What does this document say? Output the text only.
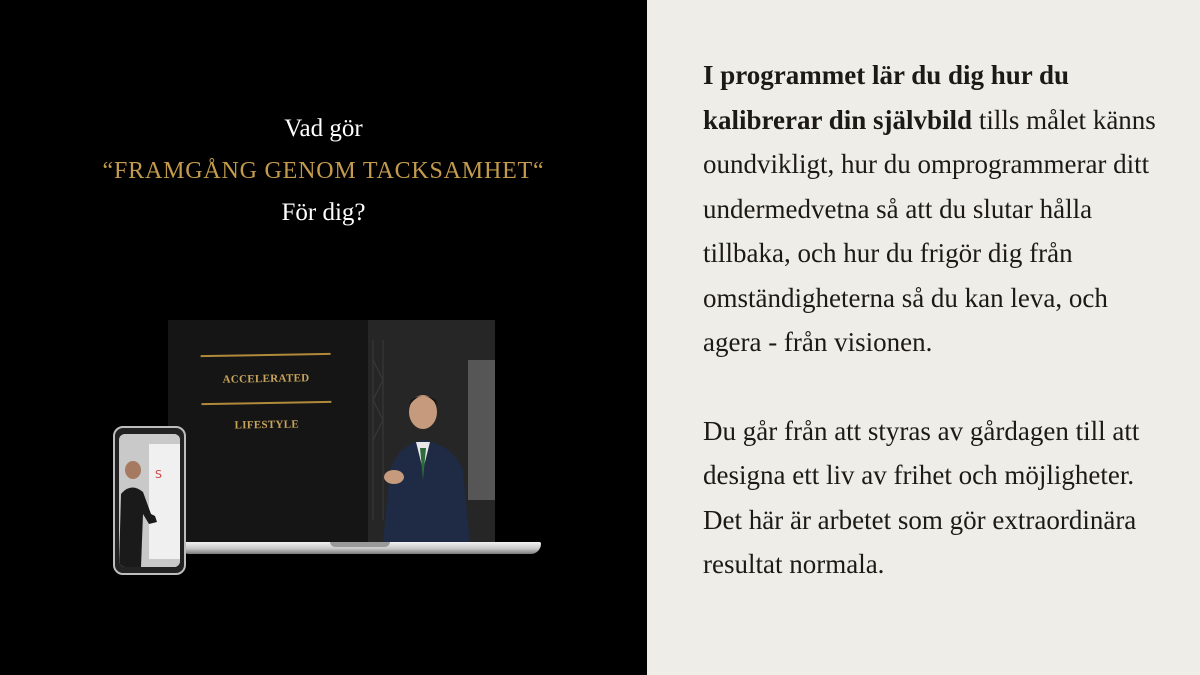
Vad gör
“FRAMGÅNG GENOM TACKSAMHET“
För dig?
ACCELERATED LIFESTYLE
S

I programmet lär du dig hur du kalibrerar din självbild tills målet känns oundvikligt, hur du omprogrammerar ditt undermedvetna så att du slutar hålla tillbaka, och hur du frigör dig från omständigheterna så du kan leva, och agera - från visionen.

Du går från att styras av gårdagen till att designa ett liv av frihet och möjligheter. Det här är arbetet som gör extraordinära resultat normala.
